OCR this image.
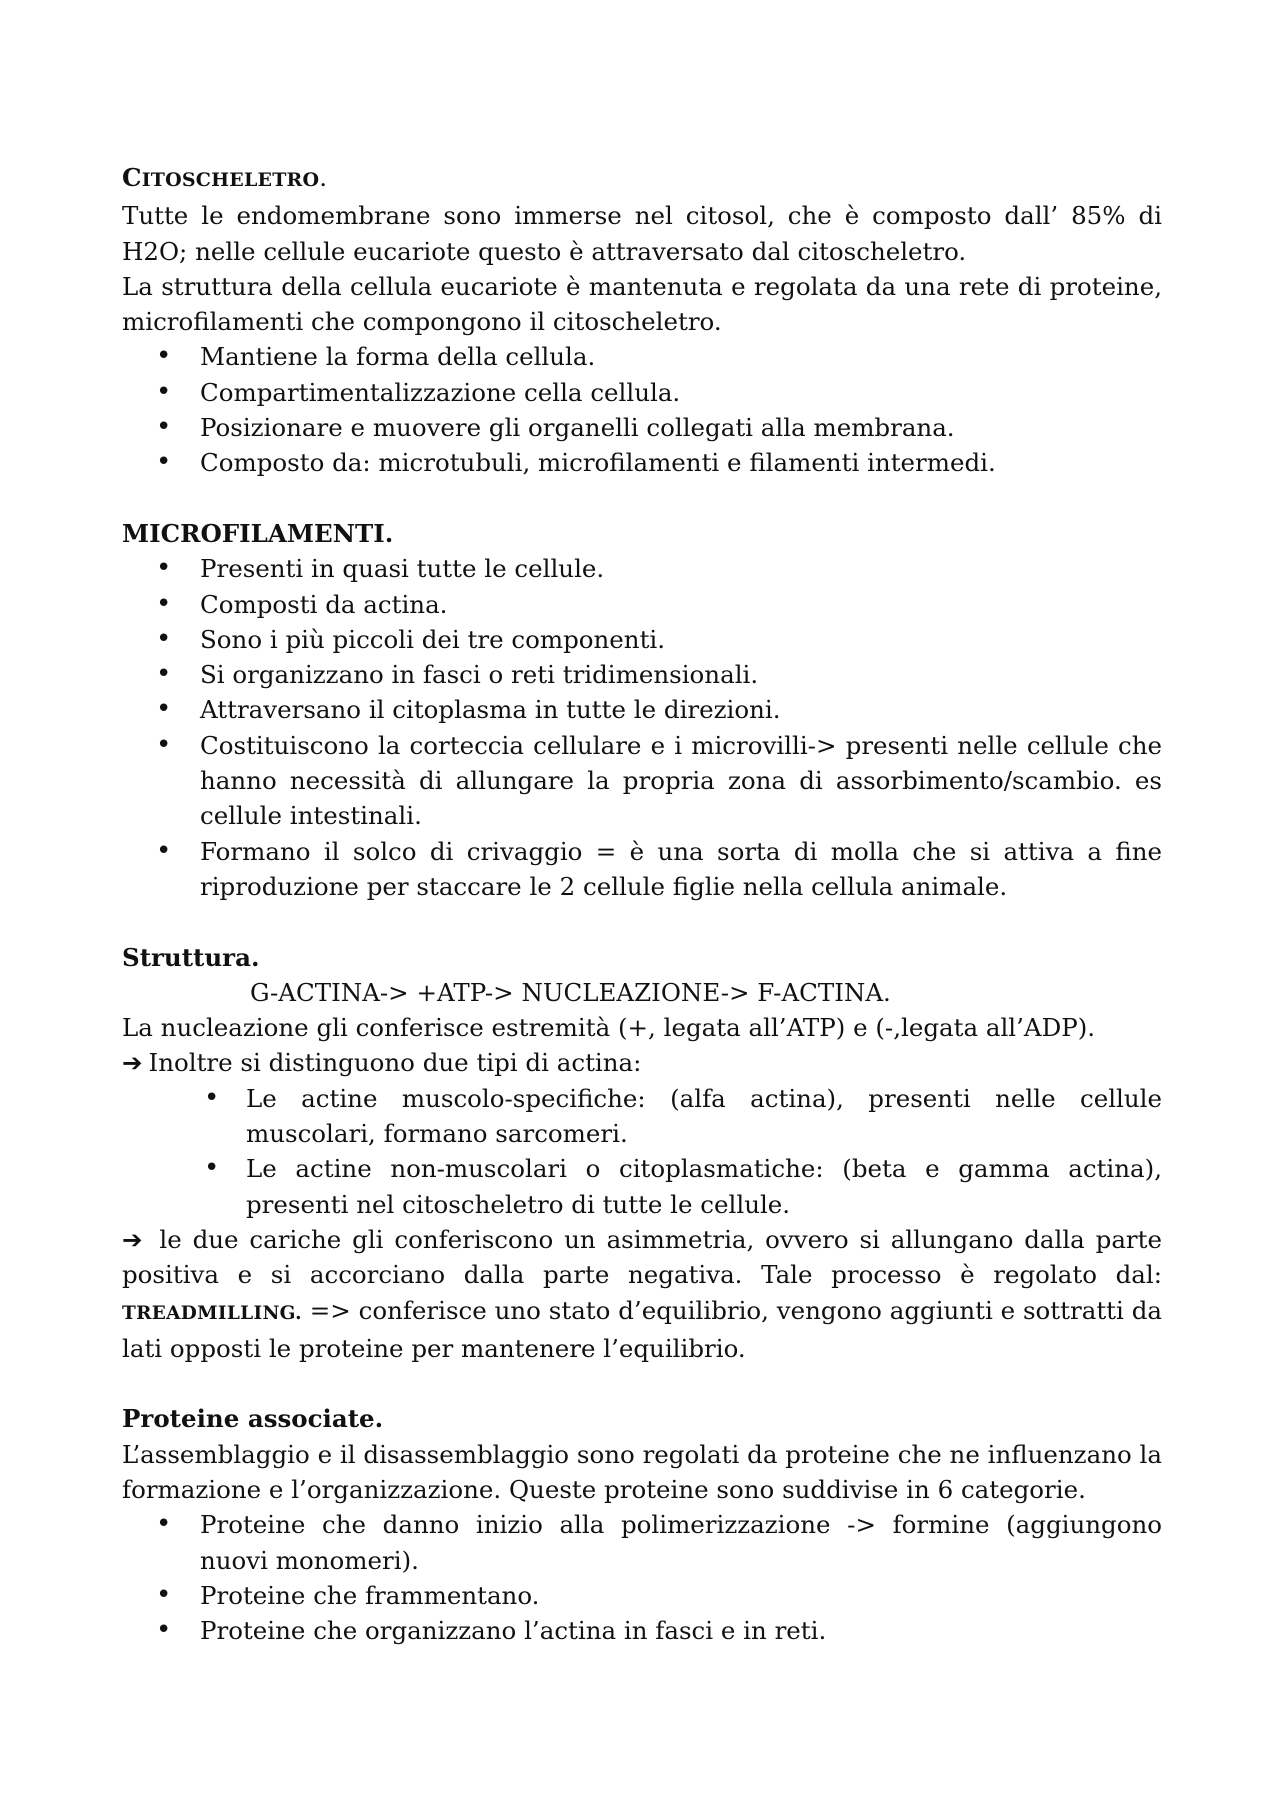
CITOSCHELETRO.

Tutte le endomembrane sono immerse nel citosol, che è composto dall’ 85% di H2O; nelle cellule eucariote questo è attraversato dal citoscheletro.

La struttura della cellula eucariote è mantenuta e regolata da una rete di proteine, microfilamenti che compongono il citoscheletro.

• Mantiene la forma della cellula.
• Compartimentalizzazione cella cellula.
• Posizionare e muovere gli organelli collegati alla membrana.
• Composto da: microtubuli, microfilamenti e filamenti intermedi.

MICROFILAMENTI.

• Presenti in quasi tutte le cellule.
• Composti da actina.
• Sono i più piccoli dei tre componenti.
• Si organizzano in fasci o reti tridimensionali.
• Attraversano il citoplasma in tutte le direzioni.
• Costituiscono la corteccia cellulare e i microvilli-> presenti nelle cellule che hanno necessità di allungare la propria zona di assorbimento/scambio. es cellule intestinali.
• Formano il solco di crivaggio = è una sorta di molla che si attiva a fine riproduzione per staccare le 2 cellule figlie nella cellula animale.

Struttura.

G-ACTINA-> +ATP-> NUCLEAZIONE-> F-ACTINA.

La nucleazione gli conferisce estremità (+, legata all’ATP) e (-,legata all’ADP).

➔ Inoltre si distinguono due tipi di actina:

• Le actine muscolo-specifiche: (alfa actina), presenti nelle cellule muscolari, formano sarcomeri.
• Le actine non-muscolari o citoplasmatiche: (beta e gamma actina), presenti nel citoscheletro di tutte le cellule.

➔ le due cariche gli conferiscono un asimmetria, ovvero si allungano dalla parte positiva e si accorciano dalla parte negativa. Tale processo è regolato dal: TREADMILLING. => conferisce uno stato d’equilibrio, vengono aggiunti e sottratti da lati opposti le proteine per mantenere l’equilibrio.

Proteine associate.

L’assemblaggio e il disassemblaggio sono regolati da proteine che ne influenzano la formazione e l’organizzazione. Queste proteine sono suddivise in 6 categorie.

• Proteine che danno inizio alla polimerizzazione -> formine (aggiungono nuovi monomeri).
• Proteine che frammentano.
• Proteine che organizzano l’actina in fasci e in reti.
